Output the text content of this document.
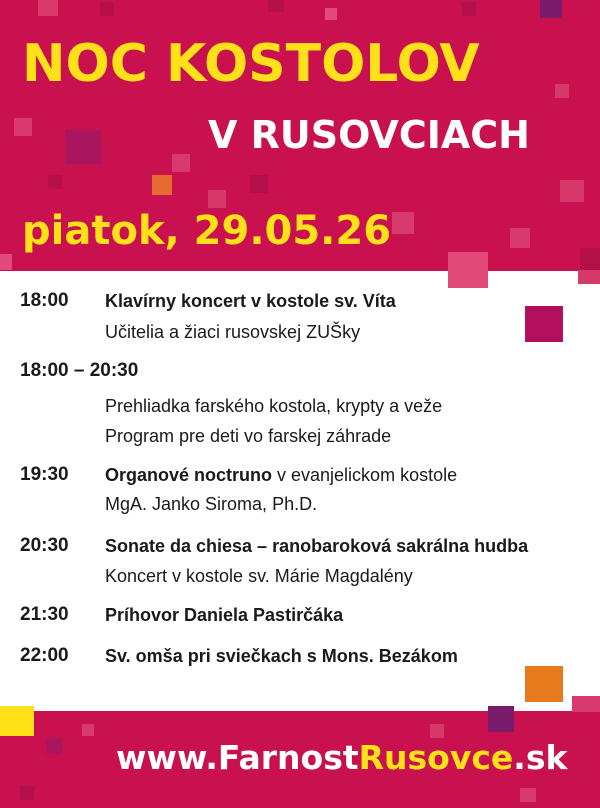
NOC KOSTOLOV
V RUSOVCIACH
piatok, 29.05.26
18:00 Klavírny koncert v kostole sv. Víta
Učitelia a žiaci rusovskej ZUŠky
18:00 – 20:30
Prehliadka farského kostola, krypty a veže
Program pre deti vo farskej záhrade
19:30 Organové noctruno v evanjelickom kostole
MgA. Janko Siroma, Ph.D.
20:30 Sonate da chiesa – ranobaroková sakrálna hudba
Koncert v kostole sv. Márie Magdalény
21:30 Príhovor Daniela Pastirčáka
22:00 Sv. omša pri sviečkach s Mons. Bezákom
www.FarnostRusovce.sk
